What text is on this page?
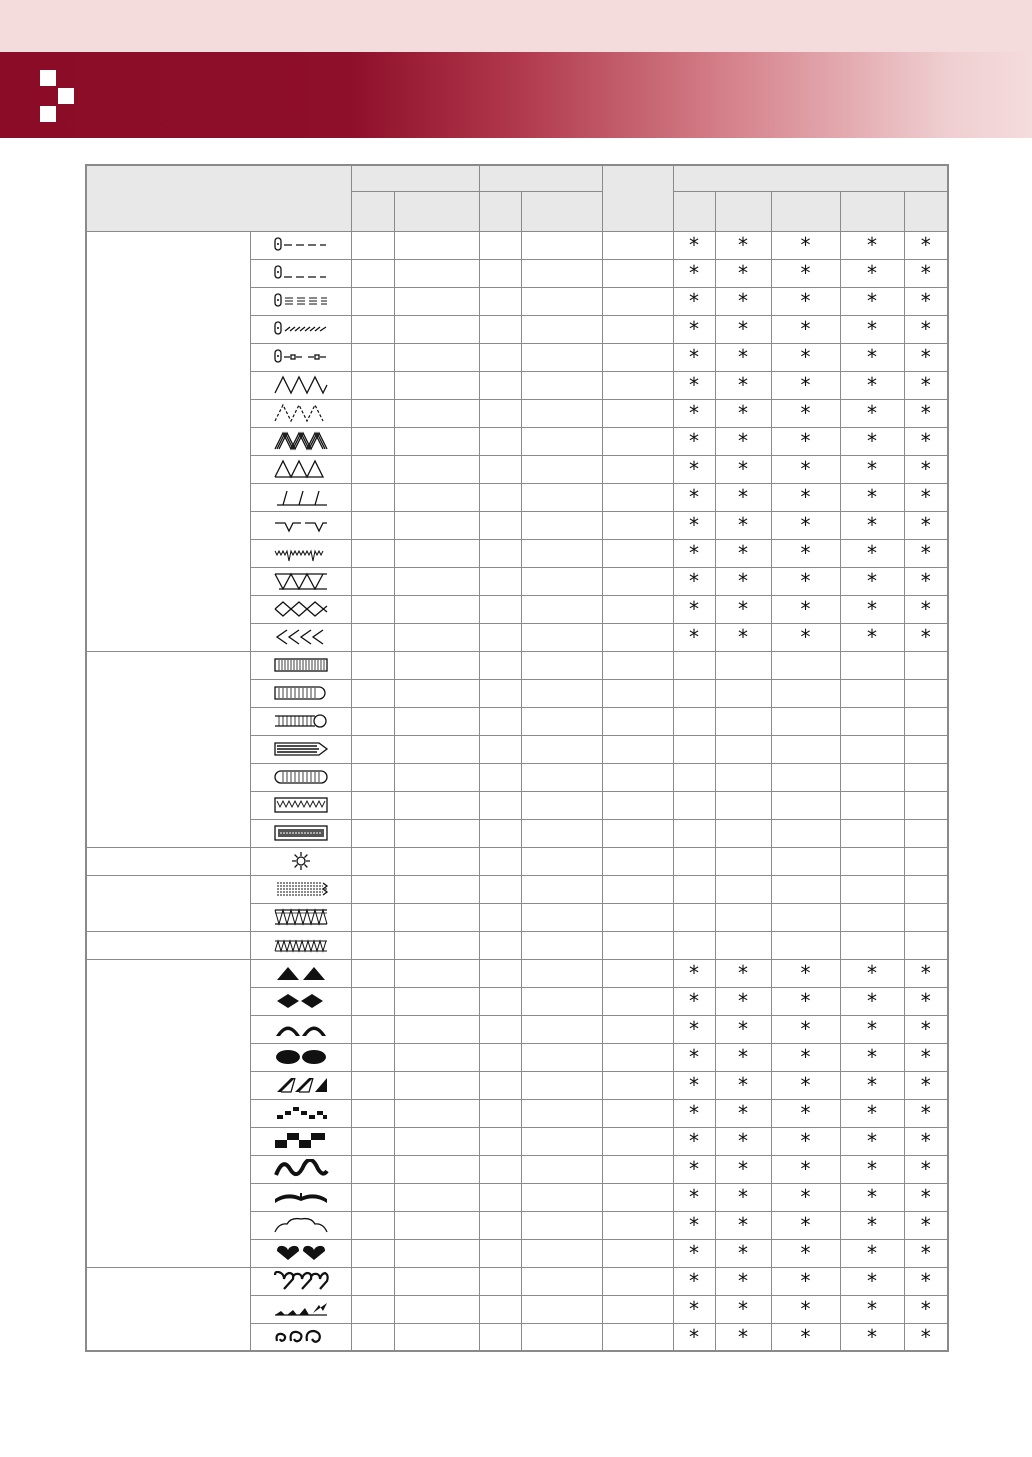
						*	*	*	*	*

						*	*	*	*	*

						*	*	*	*	*

						*	*	*	*	*

						*	*	*	*	*

						*	*	*	*	*

						*	*	*	*	*

						*	*	*	*	*

						*	*	*	*	*

						*	*	*	*	*

						*	*	*	*	*

						*	*	*	*	*

						*	*	*	*	*

						*	*	*	*	*

						*	*	*	*	*

						*	*	*	*	*

						*	*	*	*	*

						*	*	*	*	*

						*	*	*	*	*

						*	*	*	*	*

						*	*	*	*	*

						*	*	*	*	*

						*	*	*	*	*

						*	*	*	*	*

						*	*	*	*	*

						*	*	*	*	*

						*	*	*	*	*

						*	*	*	*	*

						*	*	*	*	*
